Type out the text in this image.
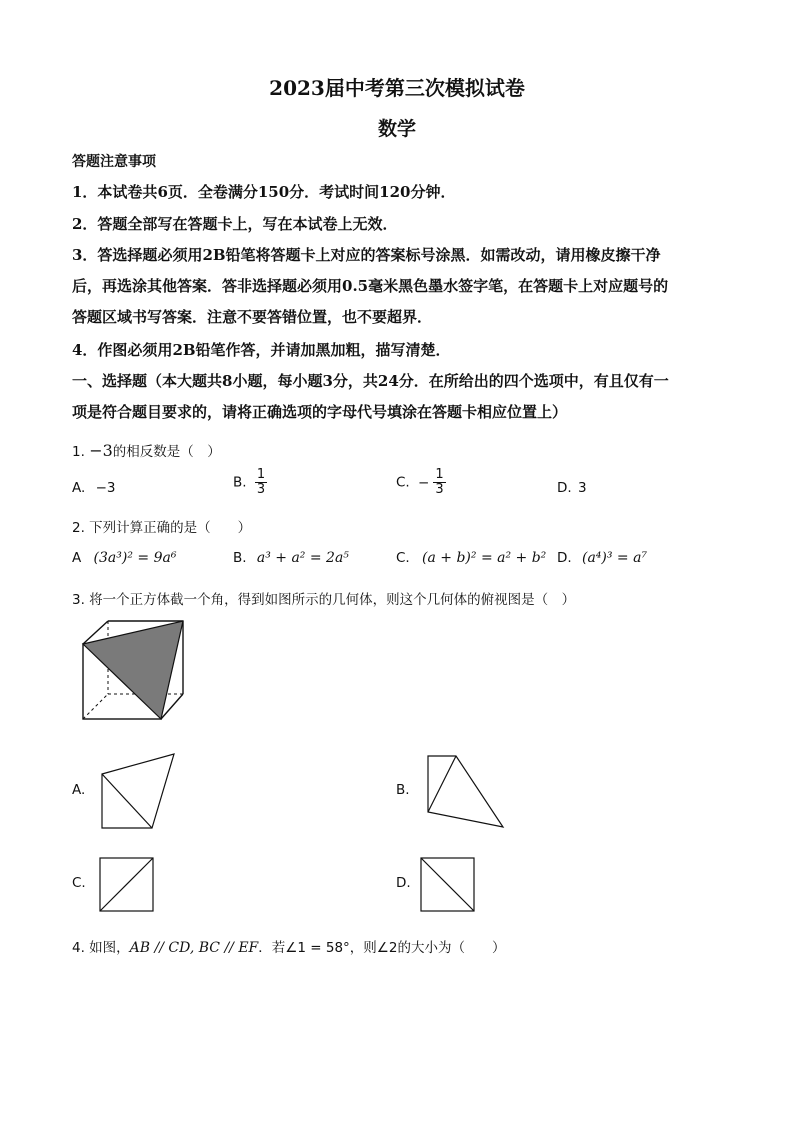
2023届中考第三次模拟试卷
数学
答题注意事项
1．本试卷共6页．全卷满分150分．考试时间120分钟．
2．答题全部写在答题卡上，写在本试卷上无效．
3．答选择题必须用2B铅笔将答题卡上对应的答案标号涂黑．如需改动，请用橡皮擦干净
后，再选涂其他答案．答非选择题必须用0.5毫米黑色墨水签字笔，在答题卡上对应题号的
答题区域书写答案．注意不要答错位置，也不要超界．
4．作图必须用2B铅笔作答，并请加黑加粗，描写清楚．
一、选择题（本大题共8小题，每小题3分，共24分．在所给出的四个选项中，有且仅有一
项是符合题目要求的，请将正确选项的字母代号填涂在答题卡相应位置上）
1. −3的相反数是（　）
A. −3	B. $\frac{1}{3}$	C. − $\frac{1}{3}$	D. 3
2. 下列计算正确的是（　　）
A (3a³)² = 9a⁶	B. a³ + a² = 2a⁵	C. (a + b)² = a² + b² D. (a⁴)³ = a⁷
3. 将一个正方体截一个角，得到如图所示的几何体，则这个几何体的俯视图是（　）
A.	B.
C.	D.
4. 如图，AB // CD, BC // EF．若∠1 = 58°，则∠2的大小为（　　）
